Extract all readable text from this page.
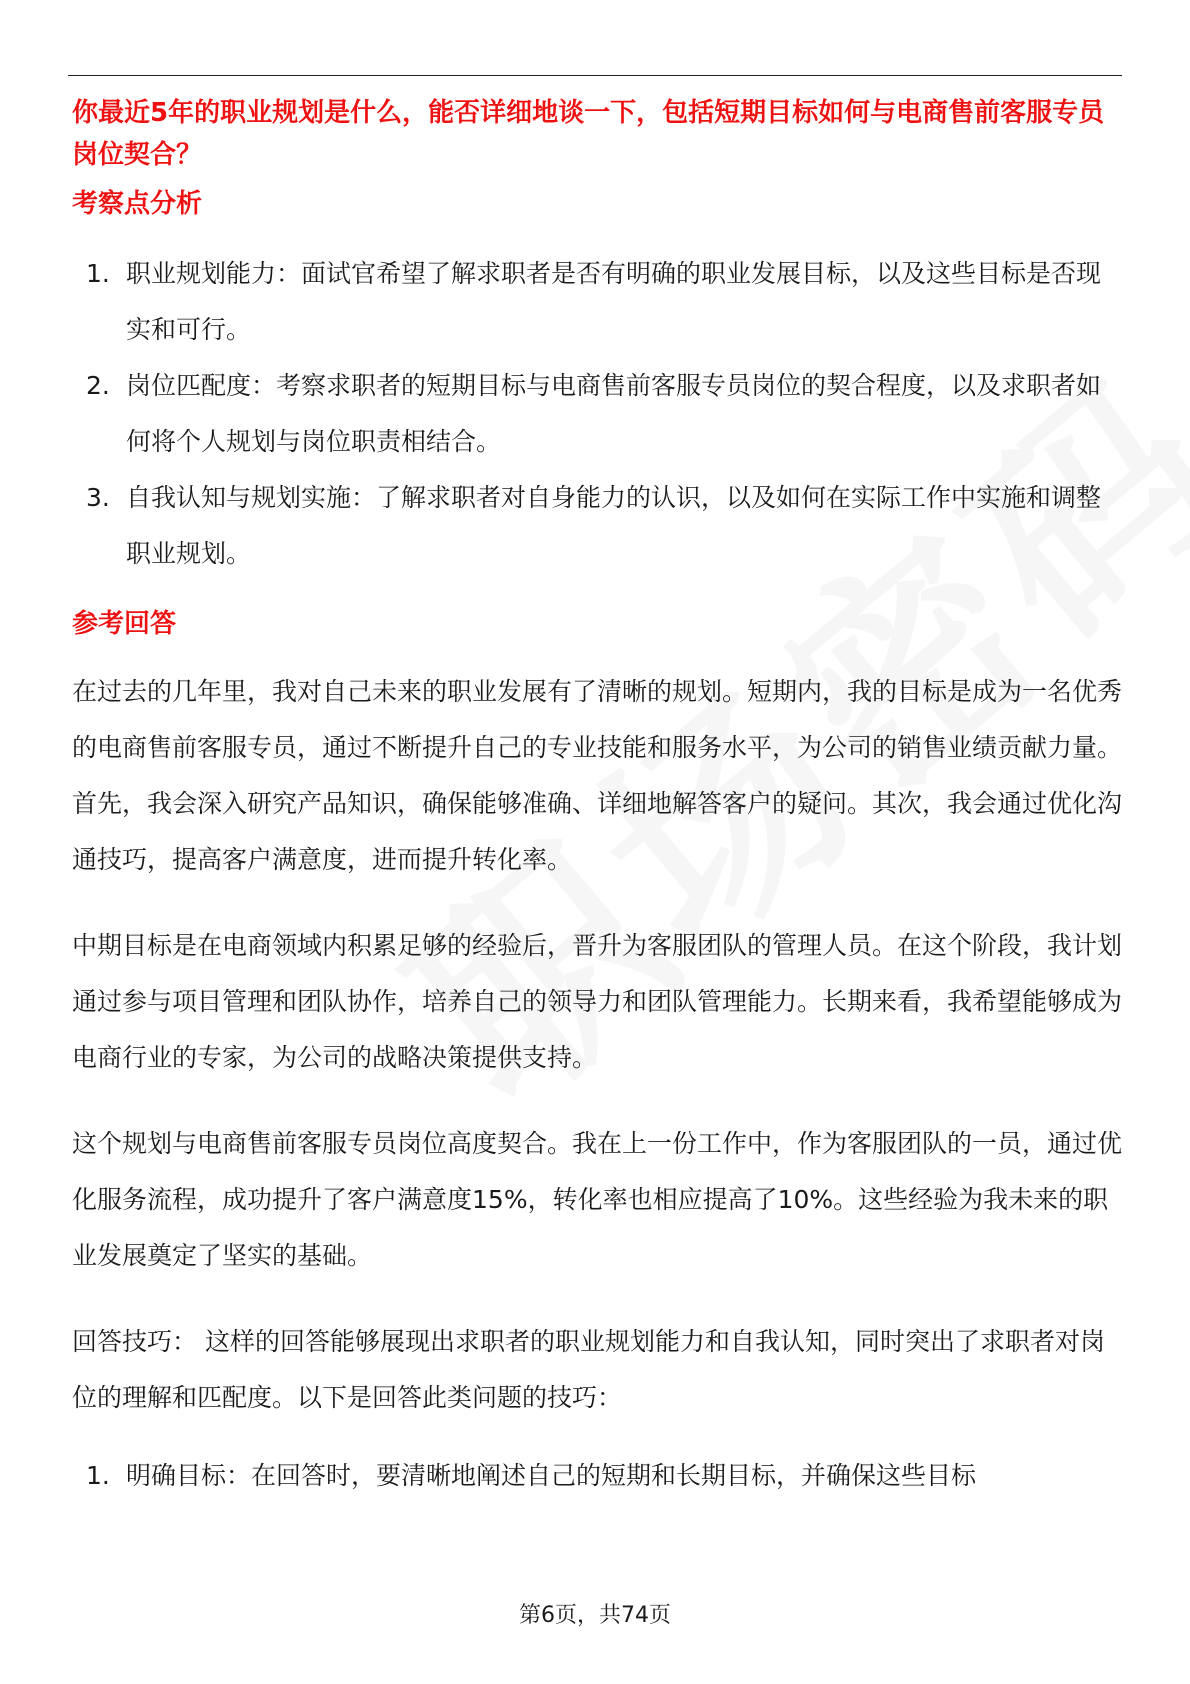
你最近5年的职业规划是什么，能否详细地谈一下，包括短期目标如何与电商售前客服专员岗位契合？

考察点分析
1. 职业规划能力：面试官希望了解求职者是否有明确的职业发展目标，以及这些目标是否现实和可行。
2. 岗位匹配度：考察求职者的短期目标与电商售前客服专员岗位的契合程度，以及求职者如何将个人规划与岗位职责相结合。
3. 自我认知与规划实施：了解求职者对自身能力的认识，以及如何在实际工作中实施和调整职业规划。
参考回答

在过去的几年里，我对自己未来的职业发展有了清晰的规划。短期内，我的目标是成为一名优秀的电商售前客服专员，通过不断提升自己的专业技能和服务水平，为公司的销售业绩贡献力量。首先，我会深入研究产品知识，确保能够准确、详细地解答客户的疑问。其次，我会通过优化沟通技巧，提高客户满意度，进而提升转化率。

中期目标是在电商领域内积累足够的经验后，晋升为客服团队的管理人员。在这个阶段，我计划通过参与项目管理和团队协作，培养自己的领导力和团队管理能力。长期来看，我希望能够成为电商行业的专家，为公司的战略决策提供支持。

这个规划与电商售前客服专员岗位高度契合。我在上一份工作中，作为客服团队的一员，通过优化服务流程，成功提升了客户满意度15%，转化率也相应提高了10%。这些经验为我未来的职业发展奠定了坚实的基础。

回答技巧： 这样的回答能够展现出求职者的职业规划能力和自我认知，同时突出了求职者对岗位的理解和匹配度。以下是回答此类问题的技巧：

1. 明确目标：在回答时，要清晰地阐述自己的短期和长期目标，并确保这些目标
第6页，共74页
